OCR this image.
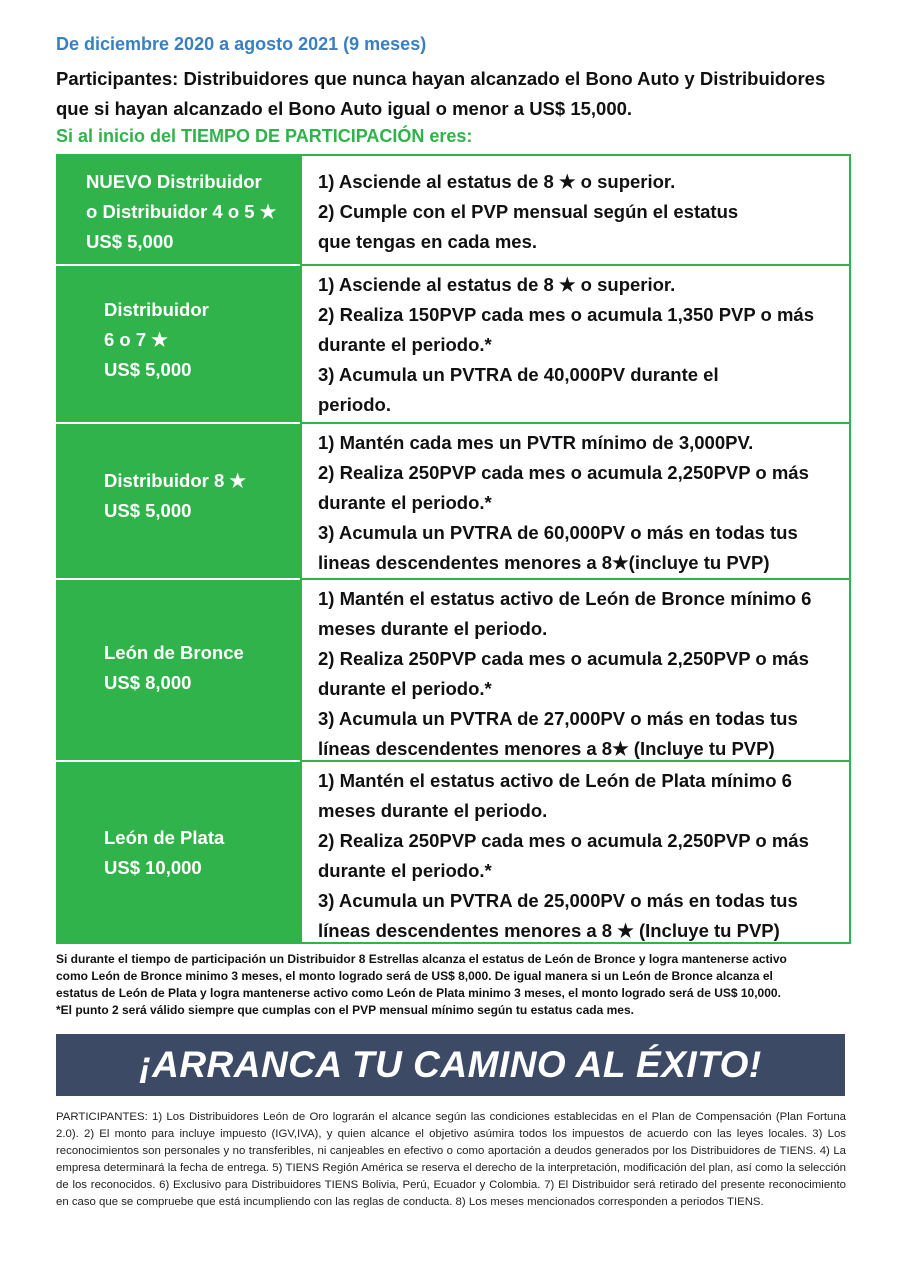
De diciembre 2020 a agosto 2021 (9 meses)
Participantes: Distribuidores que nunca hayan alcanzado el Bono Auto y Distribuidores que si hayan alcanzado el Bono Auto igual o menor a US$ 15,000.
Si al inicio del TIEMPO DE PARTICIPACIÓN eres:
NUEVO Distribuidor
o Distribuidor 4 o 5 ★
US$ 5,000
1) Asciende al estatus de 8 ★ o superior.
2) Cumple con el PVP mensual según el estatus
que tengas en cada mes.
Distribuidor
6 o 7 ★
US$ 5,000
1) Asciende al estatus de 8 ★ o superior.
2) Realiza 150PVP cada mes o acumula 1,350 PVP o más
durante el periodo.*
3) Acumula un PVTRA de 40,000PV durante el
periodo.
Distribuidor 8 ★
US$ 5,000
1) Mantén cada mes un PVTR mínimo de 3,000PV.
2) Realiza 250PVP cada mes o acumula 2,250PVP o más
durante el periodo.*
3) Acumula un PVTRA de 60,000PV o más en todas tus
lineas descendentes menores a 8★(incluye tu PVP)
León de Bronce
US$ 8,000
1) Mantén el estatus activo de León de Bronce mínimo 6
meses durante el periodo.
2) Realiza 250PVP cada mes o acumula 2,250PVP o más
durante el periodo.*
3) Acumula un PVTRA de 27,000PV o más en todas tus
líneas descendentes menores a 8★ (Incluye tu PVP)
León de Plata
US$ 10,000
1) Mantén el estatus activo de León de Plata mínimo 6
meses durante el periodo.
2) Realiza 250PVP cada mes o acumula 2,250PVP o más
durante el periodo.*
3) Acumula un PVTRA de 25,000PV o más en todas tus
líneas descendentes menores a 8 ★ (Incluye tu PVP)
Si durante el tiempo de participación un Distribuidor 8 Estrellas alcanza el estatus de León de Bronce y logra mantenerse activo
como León de Bronce minimo 3 meses, el monto logrado será de US$ 8,000. De igual manera si un León de Bronce alcanza el
estatus de León de Plata y logra mantenerse activo como León de Plata minimo 3 meses, el monto logrado será de US$ 10,000.
*El punto 2 será válido siempre que cumplas con el PVP mensual mínimo según tu estatus cada mes.
¡ARRANCA TU CAMINO AL ÉXITO!
PARTICIPANTES: 1) Los Distribuidores León de Oro lograrán el alcance según las condiciones establecidas en el Plan de Compensación (Plan Fortuna 2.0). 2) El monto para incluye impuesto (IGV,IVA), y quien alcance el objetivo asúmira todos los impuestos de acuerdo con las leyes locales. 3) Los reconocimientos son personales y no transferibles, ni canjeables en efectivo o como aportación a deudos generados por los Distribuidores de TIENS. 4) La empresa determinará la fecha de entrega. 5) TIENS Región América se reserva el derecho de la interpretación, modificación del plan, así como la selección de los reconocidos. 6) Exclusivo para Distribuidores TIENS Bolivia, Perú, Ecuador y Colombia. 7) El Distribuidor será retirado del presente reconocimiento en caso que se compruebe que está incumpliendo con las reglas de conducta. 8) Los meses mencionados corresponden a periodos TIENS.
